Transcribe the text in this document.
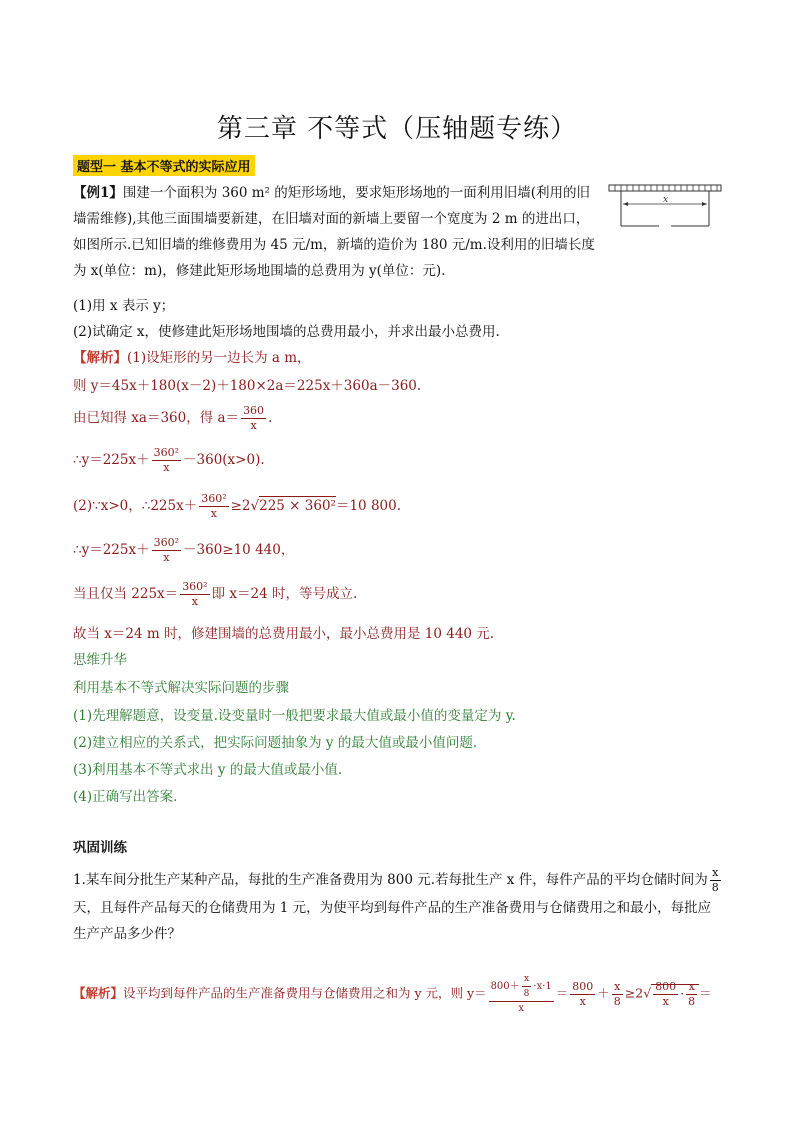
第三章 不等式（压轴题专练）
题型一 基本不等式的实际应用
x
【例1】围建一个面积为 360 m² 的矩形场地，要求矩形场地的一面利用旧墙(利用的旧墙需维修),其他三面围墙要新建，在旧墙对面的新墙上要留一个宽度为 2 m 的进出口，如图所示.已知旧墙的维修费用为 45 元/m，新墙的造价为 180 元/m.设利用的旧墙长度为 x(单位：m)，修建此矩形场地围墙的总费用为 y(单位：元).
(1)用 x 表示 y；
(2)试确定 x，使修建此矩形场地围墙的总费用最小，并求出最小总费用.
【解析】(1)设矩形的另一边长为 a m，
则 y＝45x＋180(x－2)＋180×2a＝225x＋360a－360.
由已知得 xa＝360，得 $a= \frac{360}{x}$ .
∴y＝225x＋ $\frac{\text{360²}}{x} -360(x>0)$.
(2)∵x>0，∴225x＋ $\frac{\text{360²}}{x} \ge 2√225 \times 360^2=10$ 800.
∴y＝225x＋ $\frac{\text{360²}}{x} -360\ge 10$ 440，
当且仅当 $225x= \frac{\text{360²}}{x}$ 即 x＝24 时，等号成立.
故当 x＝24 m 时，修建围墙的总费用最小，最小总费用是 10 440 元.
思维升华
利用基本不等式解决实际问题的步骤
(1)先理解题意，设变量.设变量时一般把要求最大值或最小值的变量定为 y.
(2)建立相应的关系式，把实际问题抽象为 y 的最大值或最小值问题.
(3)利用基本不等式求出 y 的最大值或最小值.
(4)正确写出答案.
巩固训练
1.某车间分批生产某种产品，每批的生产准备费用为 800 元.若每批生产 x 件，每件产品的平均仓储时间为 $\frac{x}{8}$
天，且每件产品每天的仓储费用为 1 元，为使平均到每件产品的生产准备费用与仓储费用之和最小，每批应生产产品多少件？
【解析】设平均到每件产品的生产准备费用与仓储费用之和为 y 元，则 $y= \frac{800+ \frac{x}{8} \cdot x\cdot 1}{x} = \frac{800}{x} + \frac{x}{8} \ge 2√ \frac{800}{x} \cdot \frac{x}{8}$ ＝
